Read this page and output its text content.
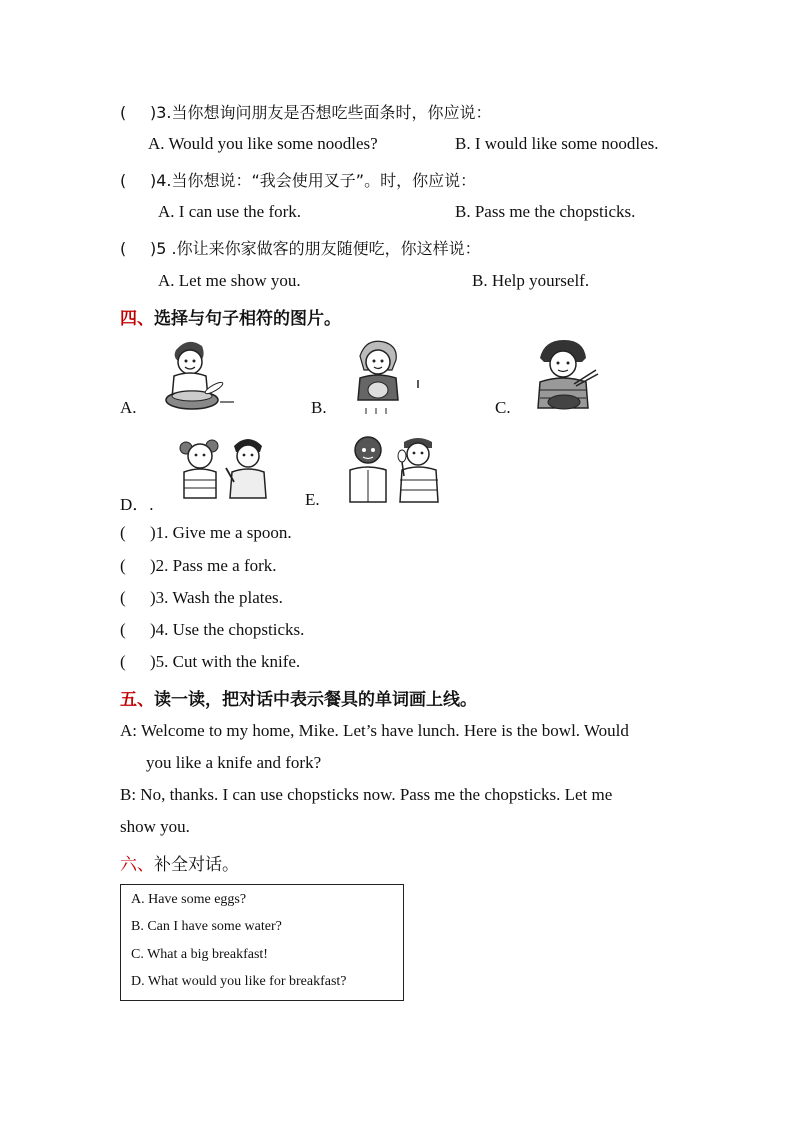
( )3.当你想询问朋友是否想吃些面条时，你应说：
A. Would you like some noodles?	B. I would like some noodles.
( )4.当你想说：“我会使用叉子”。时，你应说：
A. I can use the fork.	B. Pass me the chopsticks.
( )5 .你让来你家做客的朋友随便吃，你这样说：
A. Let me show you.	B. Help yourself.
四、选择与句子相符的图片。
A.	B.	C.
D．.	E.
( )1. Give me a spoon.
( )2. Pass me a fork.
( )3. Wash the plates.
( )4. Use the chopsticks.
( )5. Cut with the knife.
五、读一读，把对话中表示餐具的单词画上线。
A: Welcome to my home, Mike. Let’s have lunch. Here is the bowl. Would
you like a knife and fork?
B: No, thanks. I can use chopsticks now. Pass me the chopsticks. Let me
show you.
六、补全对话。
A. Have some eggs?
B. Can I have some water?
C. What a big breakfast!
D. What would you like for breakfast?
